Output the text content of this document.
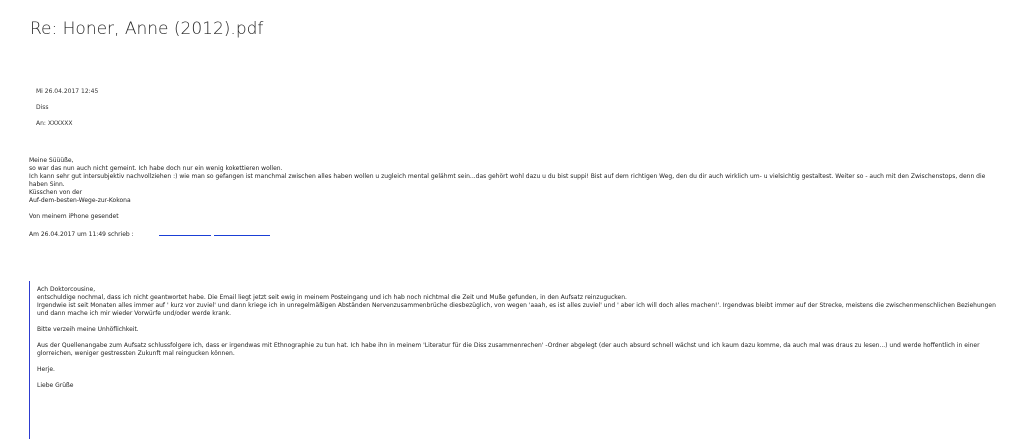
Re: Honer, Anne (2012).pdf
Mi 26.04.2017 12:45
Diss
An: XXXXXX

Meine Süüüße,

so war das nun auch nicht gemeint. Ich habe doch nur ein wenig kokettieren wollen.

Ich kann sehr gut intersubjektiv nachvollziehen :) wie man so gefangen ist manchmal zwischen alles haben wollen u zugleich mental gelähmt sein...das gehört wohl dazu u du bist suppi! Bist auf dem richtigen Weg, den du dir auch wirklich um- u vielsichtig gestaltest. Weiter so - auch mit den Zwischenstops, denn die haben Sinn.

Küsschen von der

Auf-dem-besten-Wege-zur-Kokona

Von meinem iPhone gesendet

Am 26.04.2017 um 11:49 schrieb :

Ach Doktorcousine,

entschuldige nochmal, dass ich nicht geantwortet habe. Die Email liegt jetzt seit ewig in meinem Posteingang und ich hab noch nichtmal die Zeit und Muße gefunden, in den Aufsatz reinzugucken.

Irgendwie ist seit Monaten alles immer auf ' kurz vor zuviel' und dann kriege ich in unregelmäßigen Abständen Nervenzusammenbrüche diesbezüglich, von wegen 'aaah, es ist alles zuviel' und ' aber ich will doch alles machen!'. Irgendwas bleibt immer auf der Strecke, meistens die zwischenmenschlichen Beziehungen und dann mache ich mir wieder Vorwürfe und/oder werde krank.

Bitte verzeih meine Unhöflichkeit.

Aus der Quellenangabe zum Aufsatz schlussfolgere ich, dass er irgendwas mit Ethnographie zu tun hat. Ich habe ihn in meinem 'Literatur für die Diss zusammenrechen' -Ordner abgelegt (der auch absurd schnell wächst und ich kaum dazu komme, da auch mal was draus zu lesen...) und werde hoffentlich in einer glorreichen, weniger gestressten Zukunft mal reingucken können.

Herje.

Liebe Grüße
